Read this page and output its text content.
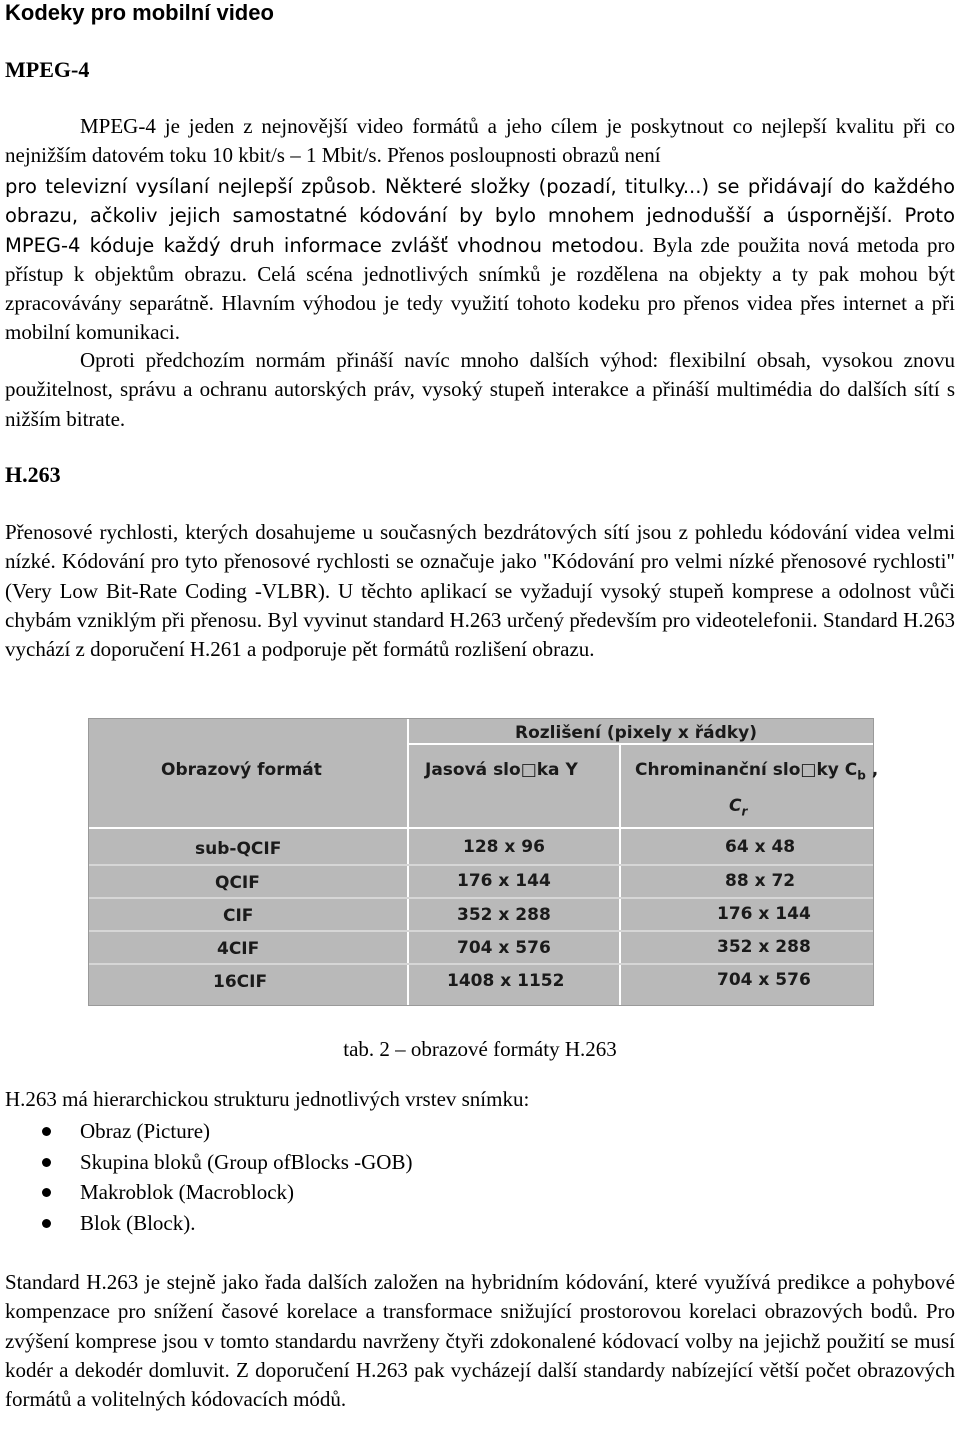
Kodeky pro mobilní video
MPEG-4
MPEG-4 je jeden z nejnovější video formátů a jeho cílem je poskytnout co nejlepší kvalitu při co nejnižším datovém toku 10 kbit/s – 1 Mbit/s. Přenos posloupnosti obrazů není
pro televizní vysílaní nejlepší způsob. Některé složky (pozadí, titulky...) se přidávají do každého obrazu, ačkoliv jejich samostatné kódování by bylo mnohem jednodušší a úspornější. Proto MPEG-4 kóduje každý druh informace zvlášť vhodnou metodou. Byla zde použita nová metoda pro přístup k objektům obrazu. Celá scéna jednotlivých snímků je rozdělena na objekty a ty pak mohou být zpracovávány separátně. Hlavním výhodou je tedy využití tohoto kodeku pro přenos videa přes internet a při mobilní komunikaci.
Oproti předchozím normám přináší navíc mnoho dalších výhod: flexibilní obsah, vysokou znovu použitelnost, správu a ochranu autorských práv, vysoký stupeň interakce a přináší multimédia do dalších sítí s nižším bitrate.
H.263
Přenosové rychlosti, kterých dosahujeme u současných bezdrátových sítí jsou z pohledu kódování videa velmi nízké. Kódování pro tyto přenosové rychlosti se označuje jako "Kódování pro velmi nízké přenosové rychlosti" (Very Low Bit-Rate Coding -VLBR). U těchto aplikací se vyžadují vysoký stupeň komprese a odolnost vůči chybám vzniklým při přenosu. Byl vyvinut standard H.263 určený především pro videotelefonii. Standard H.263 vychází z doporučení H.261 a podporuje pět formátů rozlišení obrazu.
Rozlišení (pixely x řádky)
Obrazový formát	Jasová slo□ka Y	Chrominanční slo□ky $C_b$ ,
$C_r$
sub-QCIF	128 x 96	64 x 48
QCIF	176 x 144	88 x 72
CIF	352 x 288	176 x 144
4CIF	704 x 576	352 x 288
16CIF	1408 x 1152	704 x 576
tab. 2 – obrazové formáty H.263
H.263 má hierarchickou strukturu jednotlivých vrstev snímku:
Obraz (Picture)
Skupina bloků (Group ofBlocks -GOB)
Makroblok (Macroblock)
Blok (Block).
Standard H.263 je stejně jako řada dalších založen na hybridním kódování, které využívá predikce a pohybové kompenzace pro snížení časové korelace a transformace snižující prostorovou korelaci obrazových bodů. Pro zvýšení komprese jsou v tomto standardu navrženy čtyři zdokonalené kódovací volby na jejichž použití se musí kodér a dekodér domluvit. Z doporučení H.263 pak vycházejí další standardy nabízející větší počet obrazových formátů a volitelných kódovacích módů.
